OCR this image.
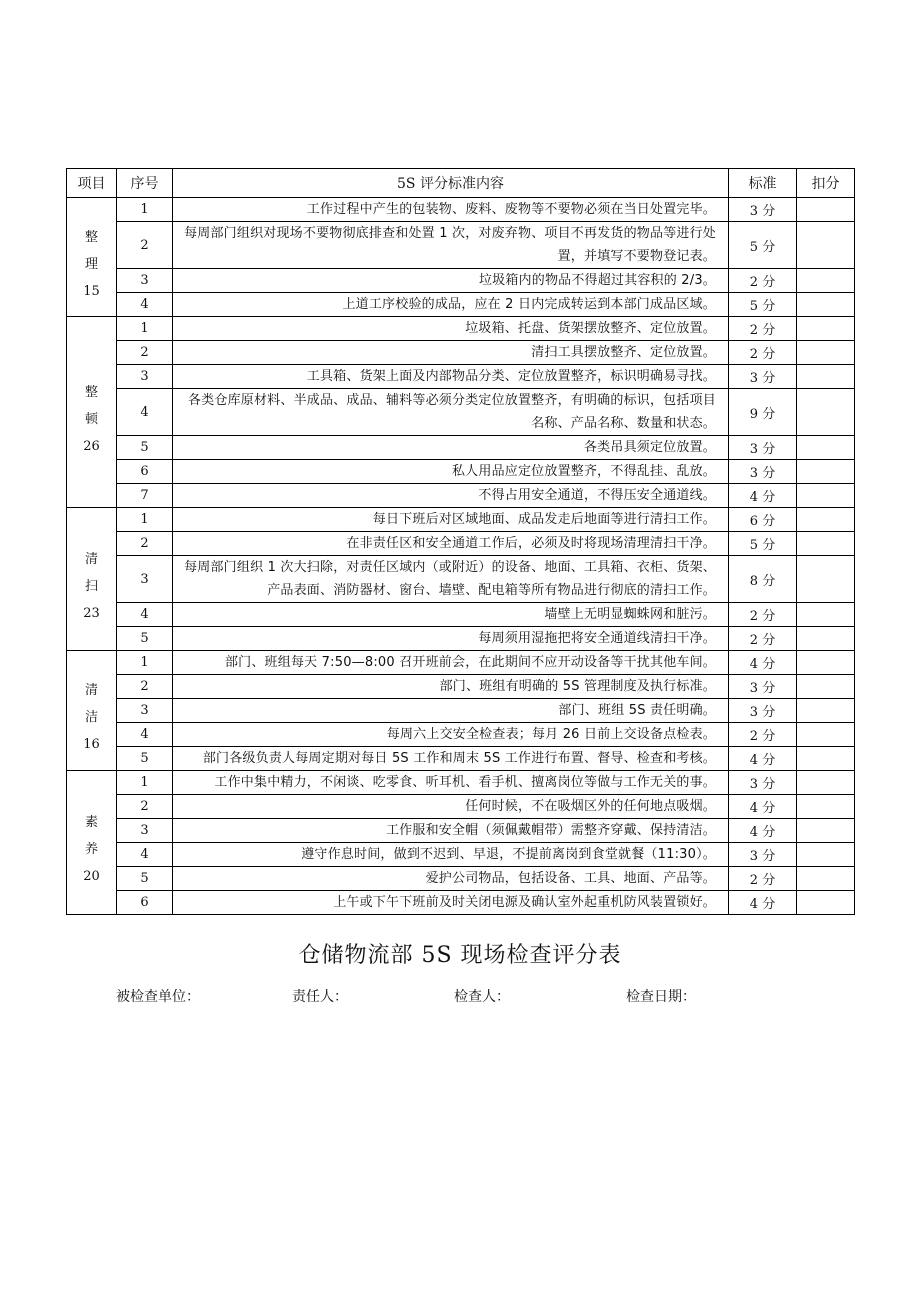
项目	序号	5S 评分标准内容	标准	扣分

整
理
15	1	工作过程中产生的包装物、废料、废物等不要物必须在当日处置完毕。	3 分	
	2	每周部门组织对现场不要物彻底排查和处置 1 次，对废弃物、项目不再发货的物品等进行处置，并填写不要物登记表。	5 分	
	3	垃圾箱内的物品不得超过其容积的 2/3。	2 分	
	4	上道工序校验的成品，应在 2 日内完成转运到本部门成品区域。	5 分	

整
顿
26	1	垃圾箱、托盘、货架摆放整齐、定位放置。	2 分	
	2	清扫工具摆放整齐、定位放置。	2 分	
	3	工具箱、货架上面及内部物品分类、定位放置整齐，标识明确易寻找。	3 分	
	4	各类仓库原材料、半成品、成品、辅料等必须分类定位放置整齐，有明确的标识，包括项目名称、产品名称、数量和状态。	9 分	
	5	各类吊具须定位放置。	3 分	
	6	私人用品应定位放置整齐，不得乱挂、乱放。	3 分	
	7	不得占用安全通道，不得压安全通道线。	4 分	

清
扫
23	1	每日下班后对区域地面、成品发走后地面等进行清扫工作。	6 分	
	2	在非责任区和安全通道工作后，必须及时将现场清理清扫干净。	5 分	
	3	每周部门组织 1 次大扫除，对责任区域内（或附近）的设备、地面、工具箱、衣柜、货架、产品表面、消防器材、窗台、墙壁、配电箱等所有物品进行彻底的清扫工作。	8 分	
	4	墙壁上无明显蜘蛛网和脏污。	2 分	
	5	每周须用湿拖把将安全通道线清扫干净。	2 分	

清
洁
16	1	部门、班组每天 7:50—8:00 召开班前会，在此期间不应开动设备等干扰其他车间。	4 分	
	2	部门、班组有明确的 5S 管理制度及执行标准。	3 分	
	3	部门、班组 5S 责任明确。	3 分	
	4	每周六上交安全检查表；每月 26 日前上交设备点检表。	2 分	
	5	部门各级负责人每周定期对每日 5S 工作和周末 5S 工作进行布置、督导、检查和考核。	4 分	

素
养
20	1	工作中集中精力，不闲谈、吃零食、听耳机、看手机、擅离岗位等做与工作无关的事。	3 分	
	2	任何时候，不在吸烟区外的任何地点吸烟。	4 分	
	3	工作服和安全帽（须佩戴帽带）需整齐穿戴、保持清洁。	4 分	
	4	遵守作息时间，做到不迟到、早退，不提前离岗到食堂就餐（11:30）。	3 分	
	5	爱护公司物品，包括设备、工具、地面、产品等。	2 分	
	6	上午或下午下班前及时关闭电源及确认室外起重机防风装置锁好。	4 分	
仓储物流部 5S 现场检查评分表
被检查单位：	责任人：	检查人：	检查日期：
